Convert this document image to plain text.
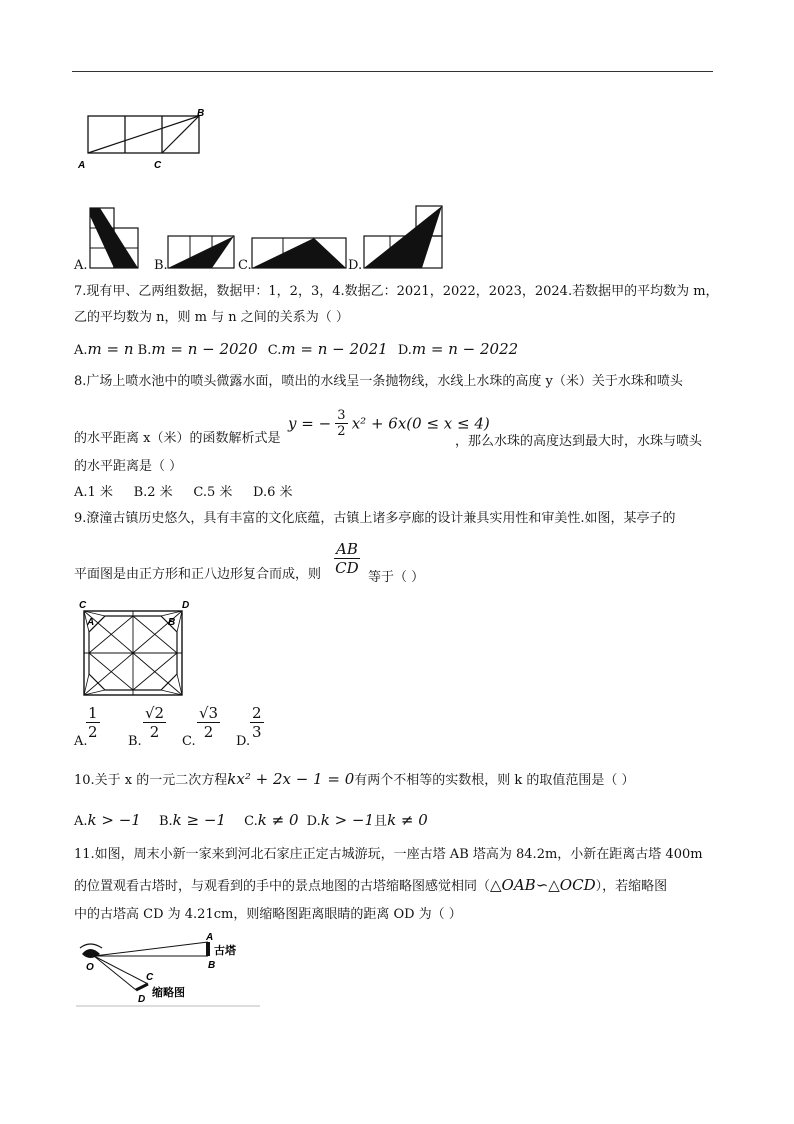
A	C
B
A.	B.	C.	D.
7.现有甲、乙两组数据，数据甲：1，2，3，4.数据乙：2021，2022，2023，2024.若数据甲的平均数为 m，
乙的平均数为 n，则 m 与 n 之间的关系为（ ）
A.m = n B.m = n − 2020 C.m = n − 2021 D.m = n − 2022
8.广场上喷水池中的喷头微露水面，喷出的水线呈一条抛物线，水线上水珠的高度 y（米）关于水珠和喷头
的水平距离 x（米）的函数解析式是
y = − $\frac{3}{2} x^2 + 6x(0 \le x \le 4)$
，那么水珠的高度达到最大时，水珠与喷头
的水平距离是（ ）
A.1 米     B.2 米     C.5 米     D.6 米
9.潦潼古镇历史悠久，具有丰富的文化底蕴，古镇上诸多亭廊的设计兼具实用性和审美性.如图，某亭子的
平面图是由正方形和正八边形复合而成，则 $\frac{AB}{CD}$
等于（ ）
C	D
A	B
A.
$\frac{1}{2}$
B.
$\frac{√2}{2}$
C.
$\frac{√3}{2}$
D.
$\frac{2}{3}$
10.关于 x 的一元二次方程kx² + 2x − 1 = 0有两个不相等的实数根，则 k 的取值范围是（ ）
A.k > −1 B.k ≥ −1 C.k ≠ 0 D.k > −1且k ≠ 0
11.如图，周末小新一家来到河北石家庄正定古城游玩，一座古塔 AB 塔高为 84.2m，小新在距离古塔 400m
的位置观看古塔时，与观看到的手中的景点地图的古塔缩略图感觉相同（△OAB∽△OCD），若缩略图
中的古塔高 CD 为 4.21cm，则缩略图距离眼睛的距离 OD 为（ ）
O
A
B
C
D
古塔
缩略图
